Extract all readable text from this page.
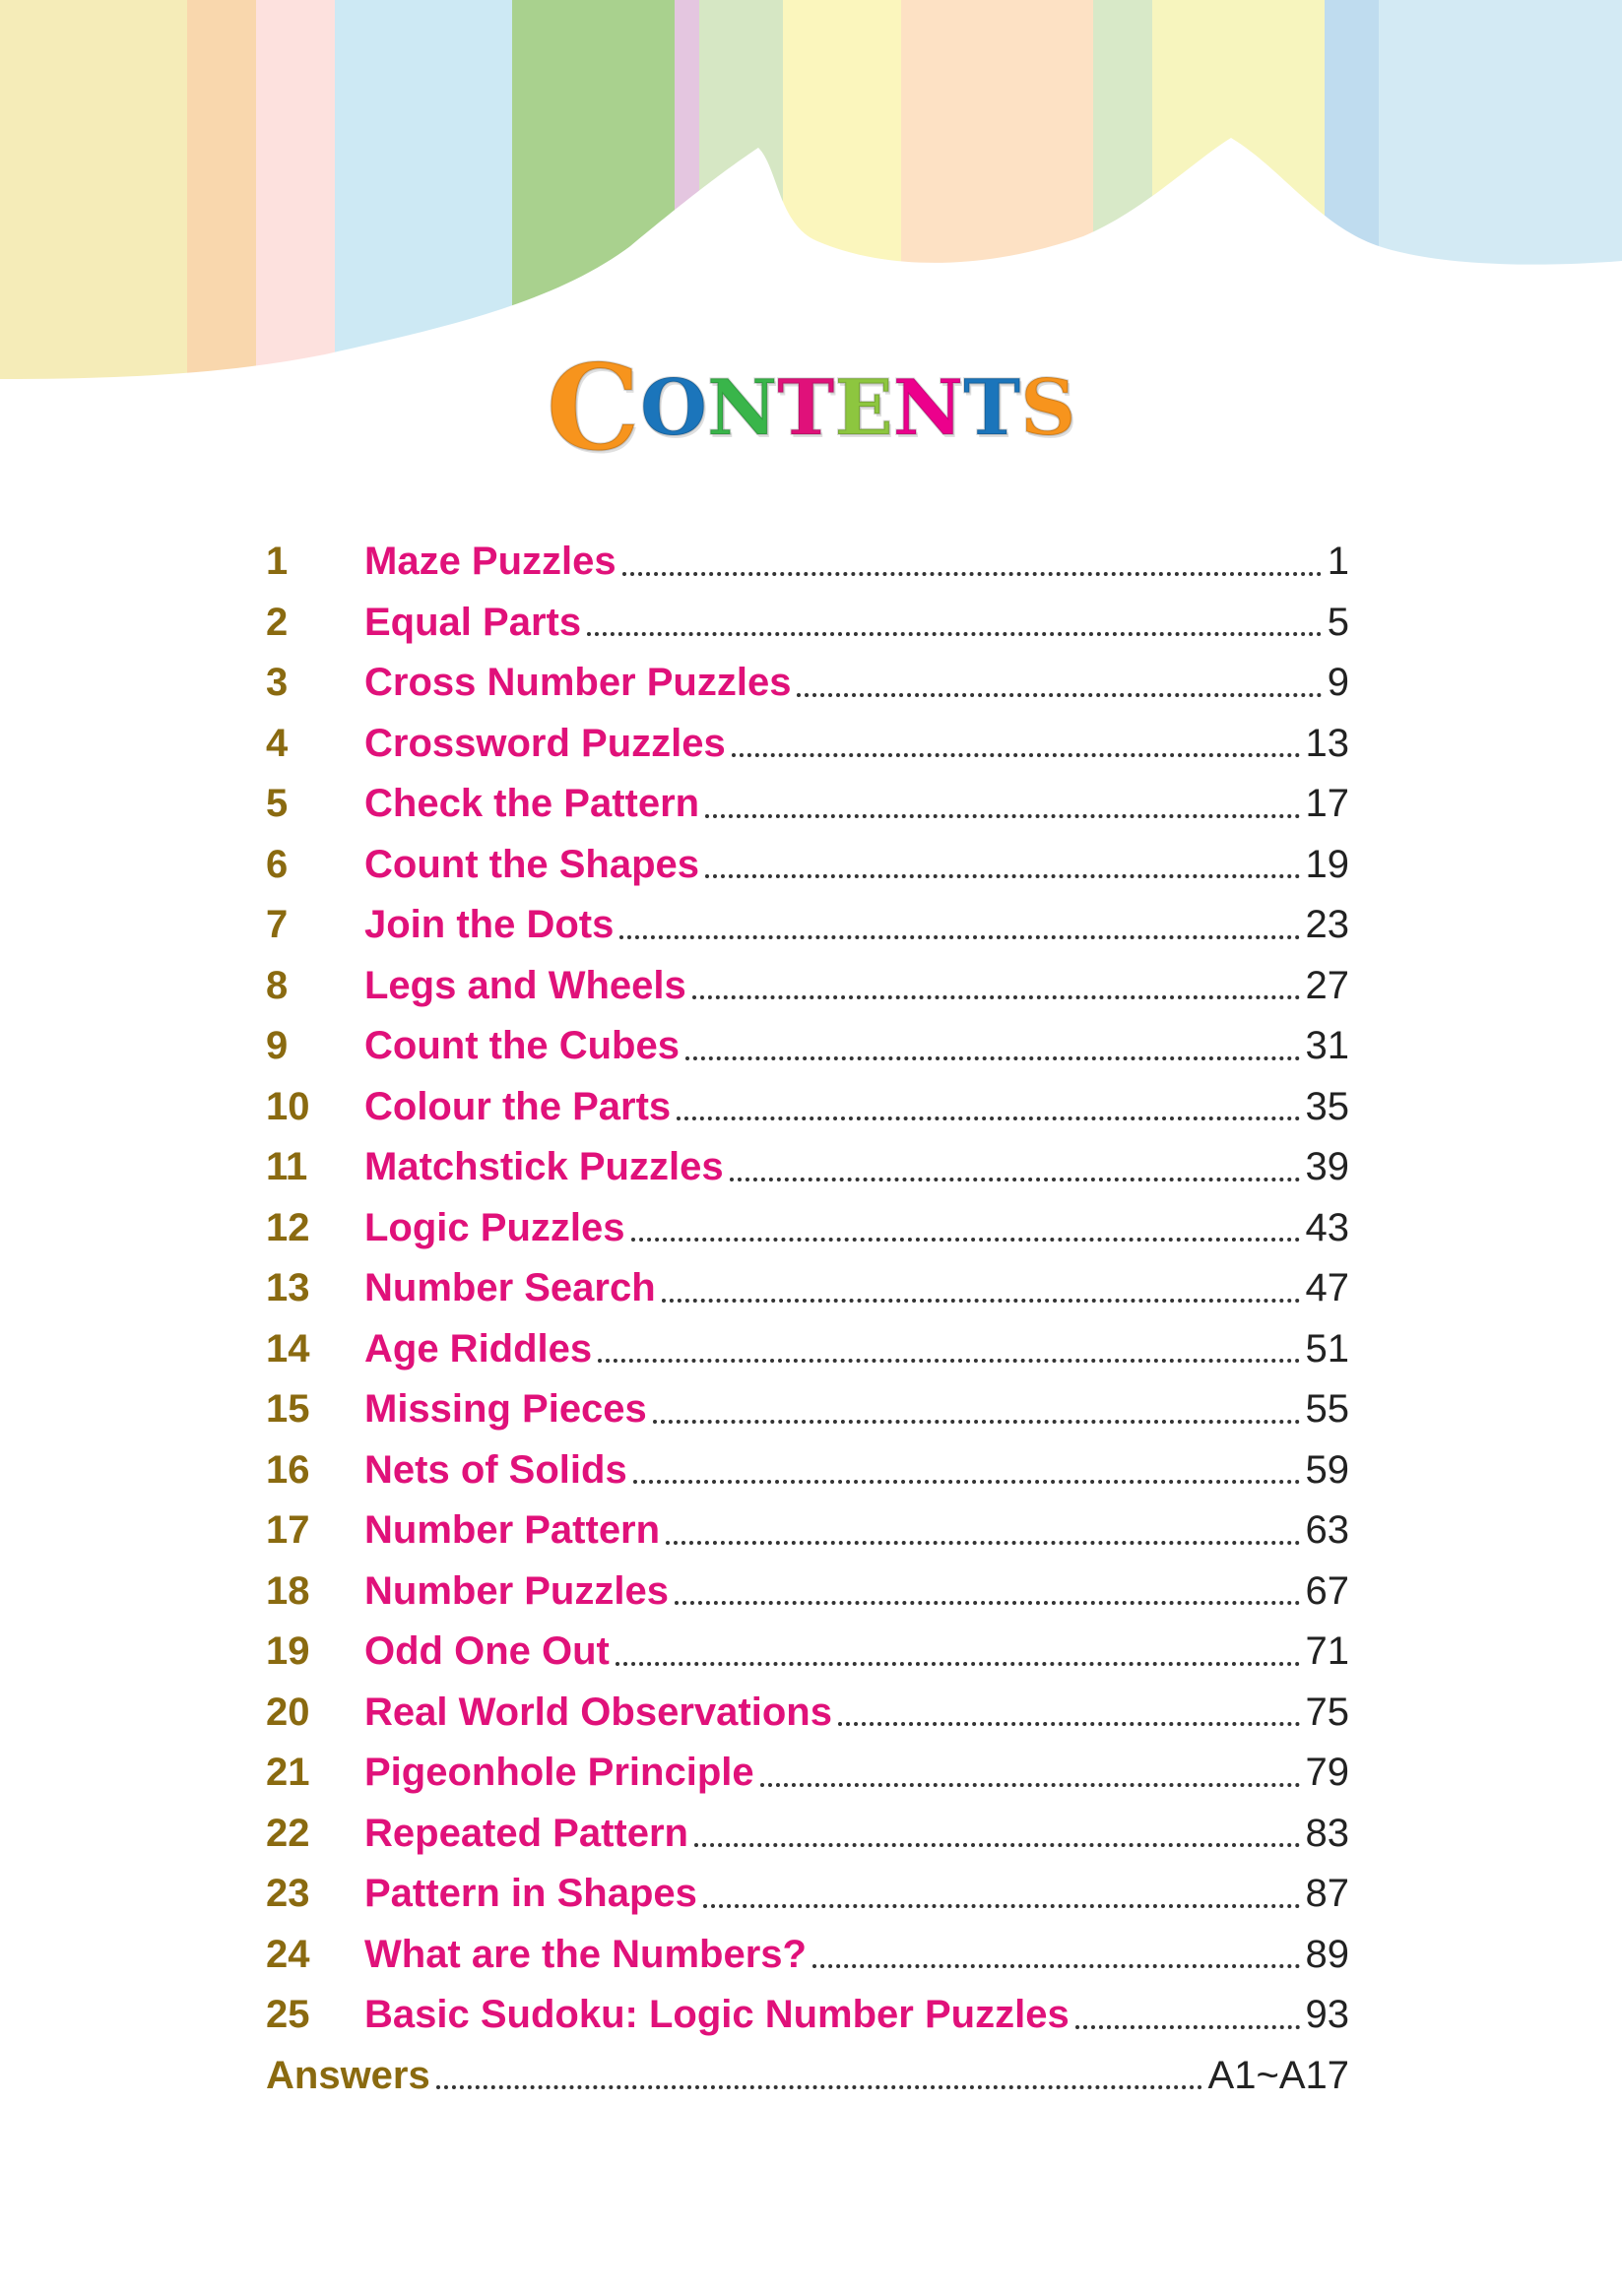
CONTENTS
1	Maze Puzzles	1
2	Equal Parts	5
3	Cross Number Puzzles	9
4	Crossword Puzzles	13
5	Check the Pattern	17
6	Count the Shapes	19
7	Join the Dots	23
8	Legs and Wheels	27
9	Count the Cubes	31
10	Colour the Parts	35
11	Matchstick Puzzles	39
12	Logic Puzzles	43
13	Number Search	47
14	Age Riddles	51
15	Missing Pieces	55
16	Nets of Solids	59
17	Number Pattern	63
18	Number Puzzles	67
19	Odd One Out	71
20	Real World Observations	75
21	Pigeonhole Principle	79
22	Repeated Pattern	83
23	Pattern in Shapes	87
24	What are the Numbers?	89
25	Basic Sudoku: Logic Number Puzzles	93
Answers	A1~A17
